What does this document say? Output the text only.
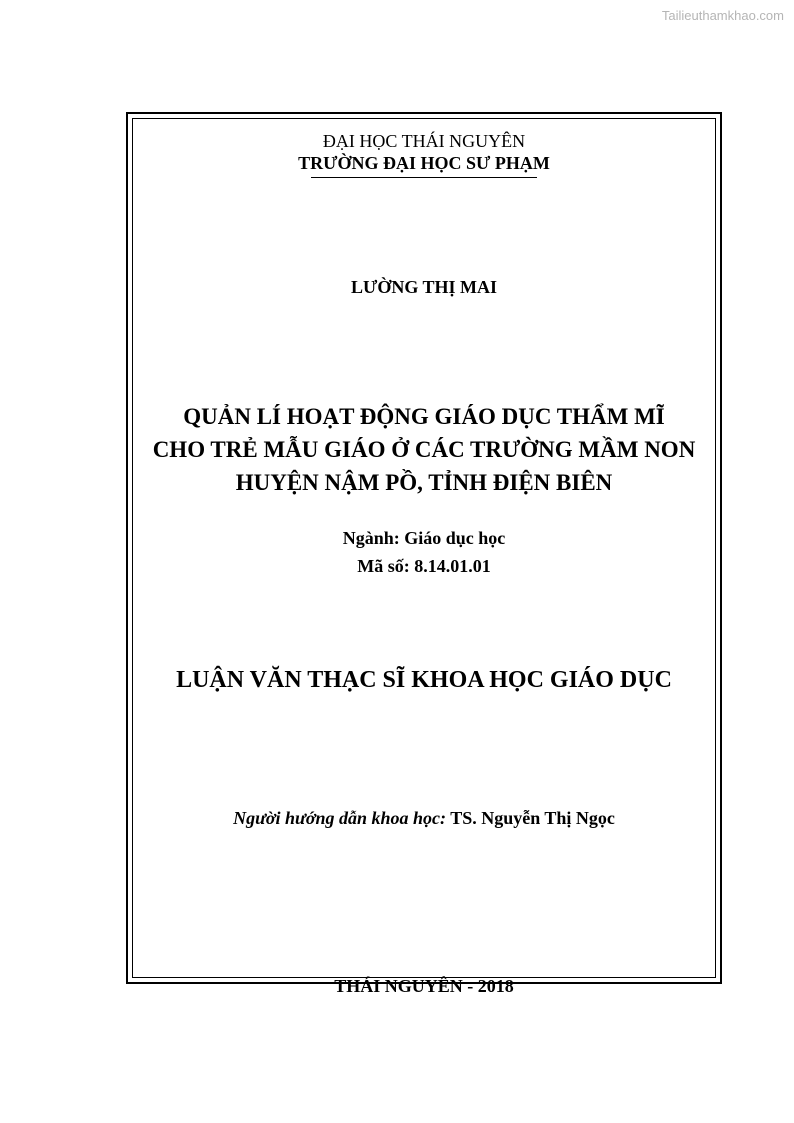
Tailieuthamkhao.com
ĐẠI HỌC THÁI NGUYÊN
TRƯỜNG ĐẠI HỌC SƯ PHẠM
LƯỜNG THỊ MAI
QUẢN LÍ HOẠT ĐỘNG GIÁO DỤC THẨM MĨ
CHO TRẺ MẪU GIÁO Ở CÁC TRƯỜNG MẦM NON
HUYỆN NẬM PỒ, TỈNH ĐIỆN BIÊN
Ngành: Giáo dục học
Mã số: 8.14.01.01
LUẬN VĂN THẠC SĨ KHOA HỌC GIÁO DỤC
Người hướng dẫn khoa học: TS. Nguyễn Thị Ngọc
THÁI NGUYÊN - 2018
